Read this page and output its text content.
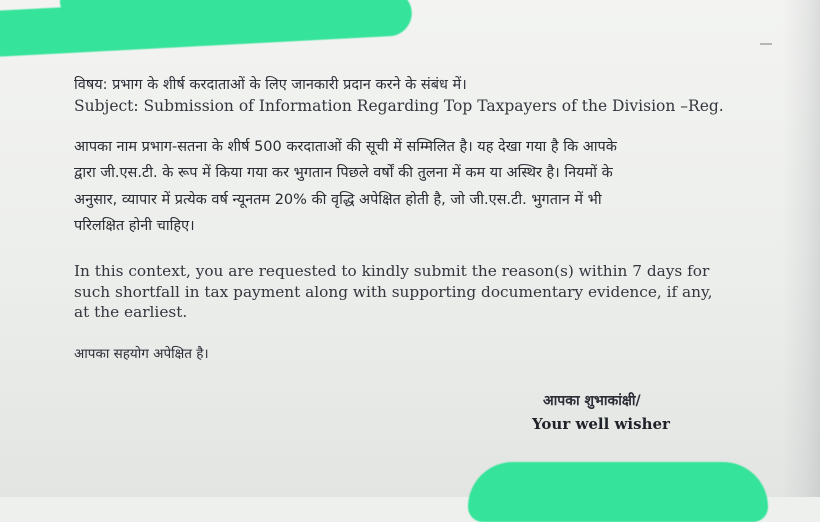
विषय: प्रभाग के शीर्ष करदाताओं के लिए जानकारी प्रदान करने के संबंध में।
Subject: Submission of Information Regarding Top Taxpayers of the Division –Reg.
आपका नाम प्रभाग-सतना के शीर्ष 500 करदाताओं की सूची में सम्मिलित है। यह देखा गया है कि आपके
द्वारा जी.एस.टी. के रूप में किया गया कर भुगतान पिछले वर्षों की तुलना में कम या अस्थिर है। नियमों के
अनुसार, व्यापार में प्रत्येक वर्ष न्यूनतम 20% की वृद्धि अपेक्षित होती है, जो जी.एस.टी. भुगतान में भी
परिलक्षित होनी चाहिए।
In this context, you are requested to kindly submit the reason(s) within 7 days for
such shortfall in tax payment along with supporting documentary evidence, if any,
at the earliest.
आपका सहयोग अपेक्षित है।
आपका शुभाकांक्षी/
Your well wisher
